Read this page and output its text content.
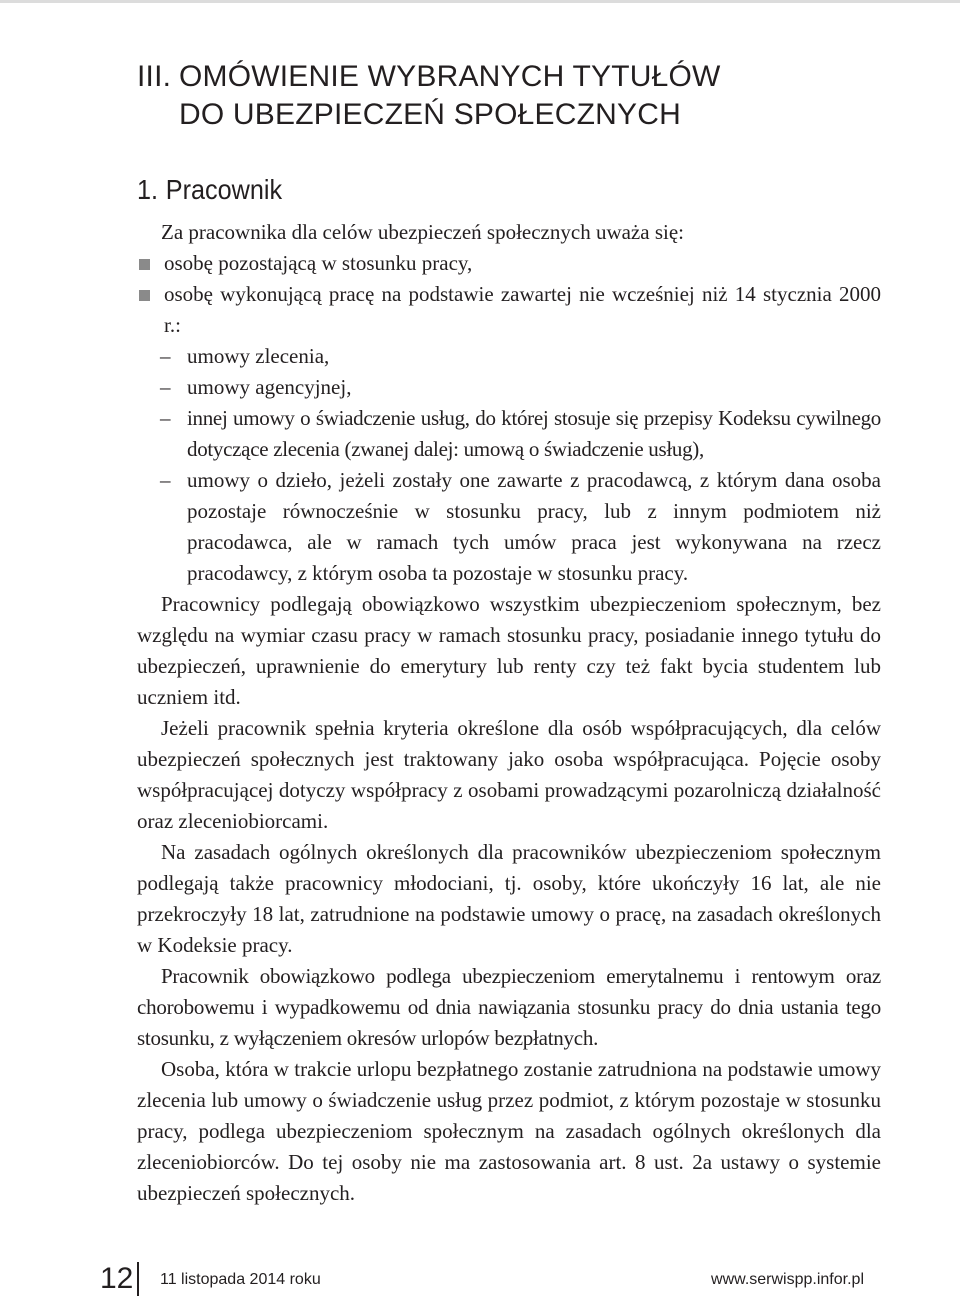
III. OMÓWIENIE WYBRANYCH TYTUŁÓW
DO UBEZPIECZEŃ SPOŁECZNYCH
1. Pracownik

Za pracownika dla celów ubezpieczeń społecznych uważa się:

osobę pozostającą w stosunku pracy,
osobę wykonującą pracę na podstawie zawartej nie wcześniej niż 14 stycznia 2000 r.:
– umowy zlecenia,
– umowy agencyjnej,
– innej umowy o świadczenie usług, do której stosuje się przepisy Kodeksu cywilnego dotyczące zlecenia (zwanej dalej: umową o świadczenie usług),
– umowy o dzieło, jeżeli zostały one zawarte z pracodawcą, z którym dana osoba pozostaje równocześnie w stosunku pracy, lub z innym podmiotem niż pracodawca, ale w ramach tych umów praca jest wykonywana na rzecz pracodawcy, z którym osoba ta pozostaje w stosunku pracy.

Pracownicy podlegają obowiązkowo wszystkim ubezpieczeniom społecznym, bez względu na wymiar czasu pracy w ramach stosunku pracy, posiadanie innego tytułu do ubezpieczeń, uprawnienie do emerytury lub renty czy też fakt bycia studentem lub uczniem itd.

Jeżeli pracownik spełnia kryteria określone dla osób współpracujących, dla celów ubezpieczeń społecznych jest traktowany jako osoba współpracująca. Pojęcie osoby współpracującej dotyczy współpracy z osobami prowadzącymi pozarolniczą działalność oraz zleceniobiorcami.

Na zasadach ogólnych określonych dla pracowników ubezpieczeniom społecznym podlegają także pracownicy młodociani, tj. osoby, które ukończyły 16 lat, ale nie przekroczyły 18 lat, zatrudnione na podstawie umowy o pracę, na zasadach określonych w Kodeksie pracy.

Pracownik obowiązkowo podlega ubezpieczeniom emerytalnemu i rentowym oraz chorobowemu i wypadkowemu od dnia nawiązania stosunku pracy do dnia ustania tego stosunku, z wyłączeniem okresów urlopów bezpłatnych.

Osoba, która w trakcie urlopu bezpłatnego zostanie zatrudniona na podstawie umowy zlecenia lub umowy o świadczenie usług przez podmiot, z którym pozostaje w stosunku pracy, podlega ubezpieczeniom społecznym na zasadach ogólnych określonych dla zleceniobiorców. Do tej osoby nie ma zastosowania art. 8 ust. 2a ustawy o systemie ubezpieczeń społecznych.

12 11 listopada 2014 roku	www.serwispp.infor.pl
